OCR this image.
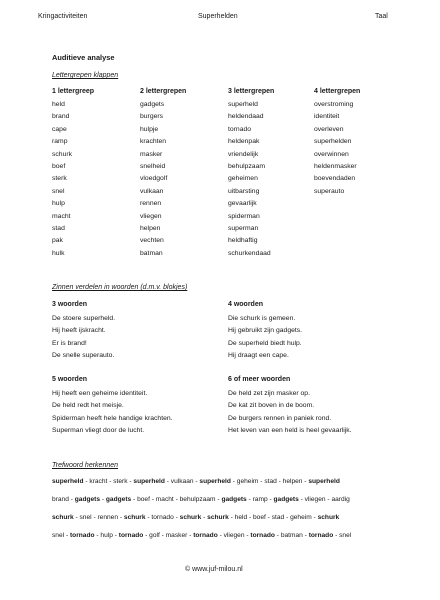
Kringactiviteiten	Superhelden	Taal
Auditieve analyse
Lettergrepen klappen
1 lettergreep
held
brand
cape
ramp
schurk
boef
sterk
snel
hulp
macht
stad
pak
hulk
2 lettergrepen
gadgets
burgers
hulpje
krachten
masker
snelheid
vloedgolf
vulkaan
rennen
vliegen
helpen
vechten
batman
3 lettergrepen
superheld
heldendaad
tornado
heldenpak
vriendelijk
behulpzaam
geheimen
uitbarsting
gevaarlijk
spiderman
superman
heldhaftig
schurkendaad
4 lettergrepen
overstroming
identiteit
overleven
superhelden
overwinnen
heldenmasker
boevendaden
superauto
Zinnen verdelen in woorden (d.m.v. blokjes)
3 woorden
De stoere superheld.
Hij heeft ijskracht.
Er is brand!
De snelle superauto.
4 woorden
Die schurk is gemeen.
Hij gebruikt zijn gadgets.
De superheld biedt hulp.
Hij draagt een cape.
5 woorden
Hij heeft een geheime identiteit.
De held redt het meisje.
Spiderman heeft hele handige krachten.
Superman vliegt door de lucht.
6 of meer woorden
De held zet zijn masker op.
De kat zit boven in de boom.
De burgers rennen in paniek rond.
Het leven van een held is heel gevaarlijk.
Trefwoord herkennen
superheld - kracht - sterk - superheld - vulkaan - superheld - geheim - stad - helpen - superheld
brand - gadgets - gadgets - boef - macht - behulpzaam - gadgets - ramp - gadgets - vliegen - aardig
schurk - snel - rennen - schurk - tornado - schurk - schurk - held - boef - stad - geheim - schurk
snel - tornado - hulp - tornado - golf - masker - tornado - vliegen - tornado - batman - tornado - snel
© www.juf-milou.nl
